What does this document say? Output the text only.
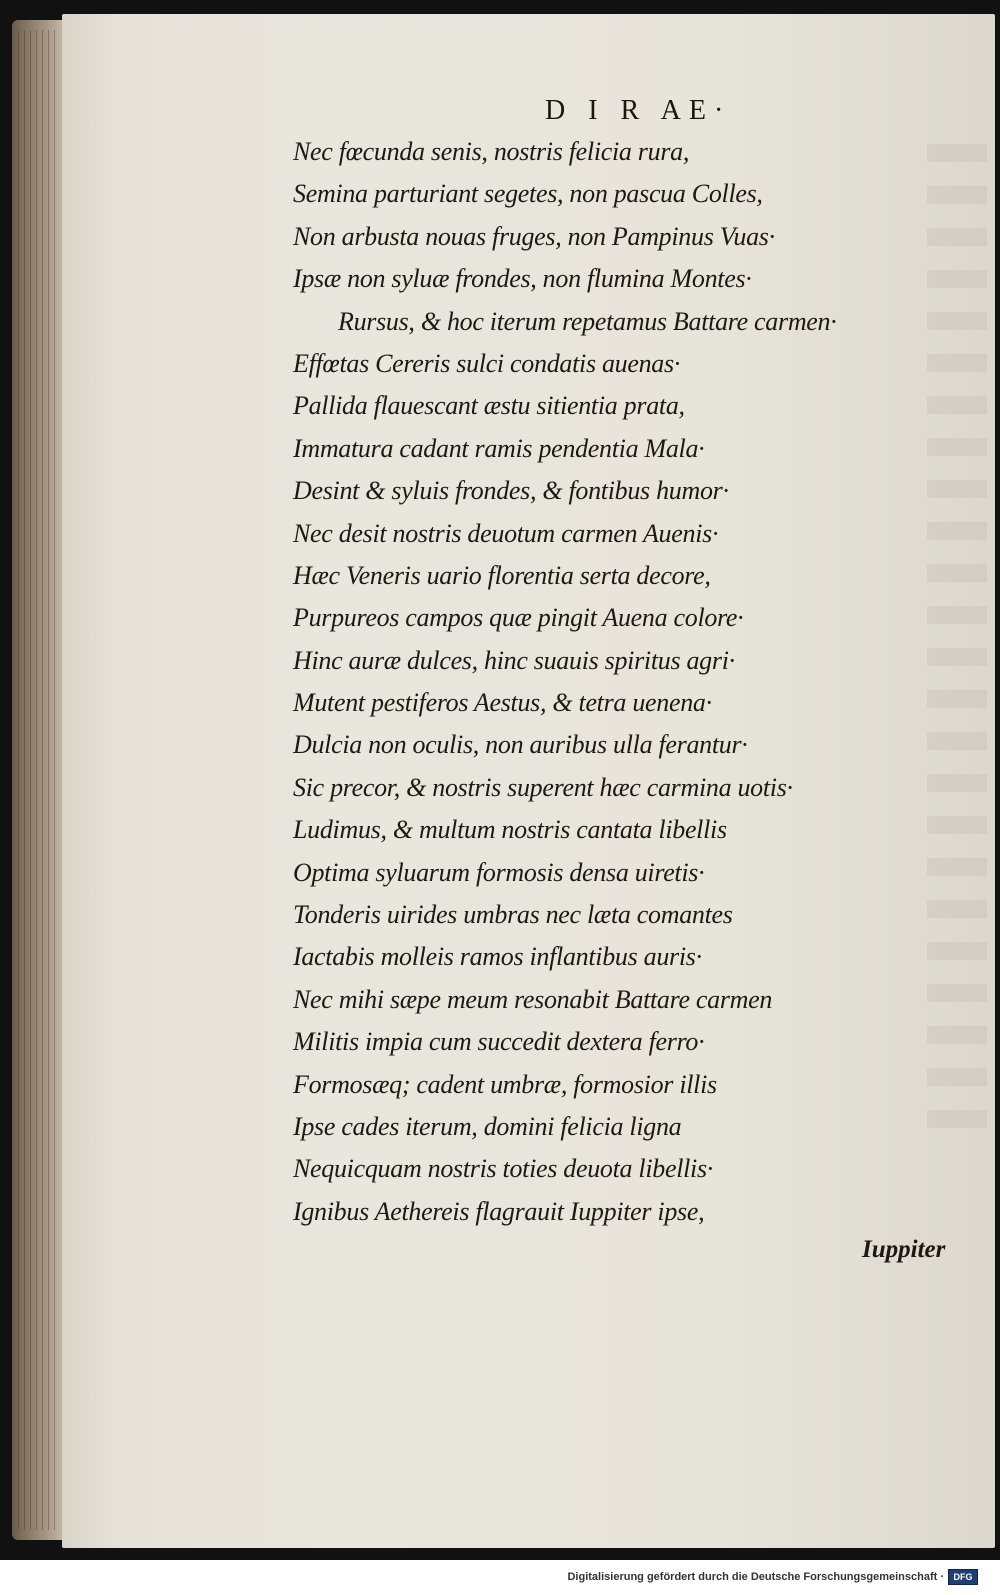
D I R AE·
Nec fœcunda senis, nostris felicia rura,
Semina parturiant segetes, non pascua Colles,
Non arbusta nouas fruges, non Pampinus Vuas·
Ipsæ non syluæ frondes, non flumina Montes·
Rursus, & hoc iterum repetamus Battare carmen·
Effœtas Cereris sulci condatis auenas·
Pallida flauescant æstu sitientia prata,
Immatura cadant ramis pendentia Mala·
Desint & syluis frondes, & fontibus humor·
Nec desit nostris deuotum carmen Auenis·
Hæc Veneris uario florentia serta decore,
Purpureos campos quæ pingit Auena colore·
Hinc auræ dulces, hinc suauis spiritus agri·
Mutent pestiferos Aestus, & tetra uenena·
Dulcia non oculis, non auribus ulla ferantur·
Sic precor, & nostris superent hæc carmina uotis·
Ludimus, & multum nostris cantata libellis
Optima syluarum formosis densa uiretis·
Tonderis uirides umbras nec læta comantes
Iactabis molleis ramos inflantibus auris·
Nec mihi sæpe meum resonabit Battare carmen
Militis impia cum succedit dextera ferro·
Formosæq; cadent umbræ, formosior illis
Ipse cades iterum, domini felicia ligna
Nequicquam nostris toties deuota libellis·
Ignibus Aethereis flagrauit Iuppiter ipse,
Iuppiter
Digitalisierung gefördert durch die Deutsche Forschungsgemeinschaft ·	DFG
